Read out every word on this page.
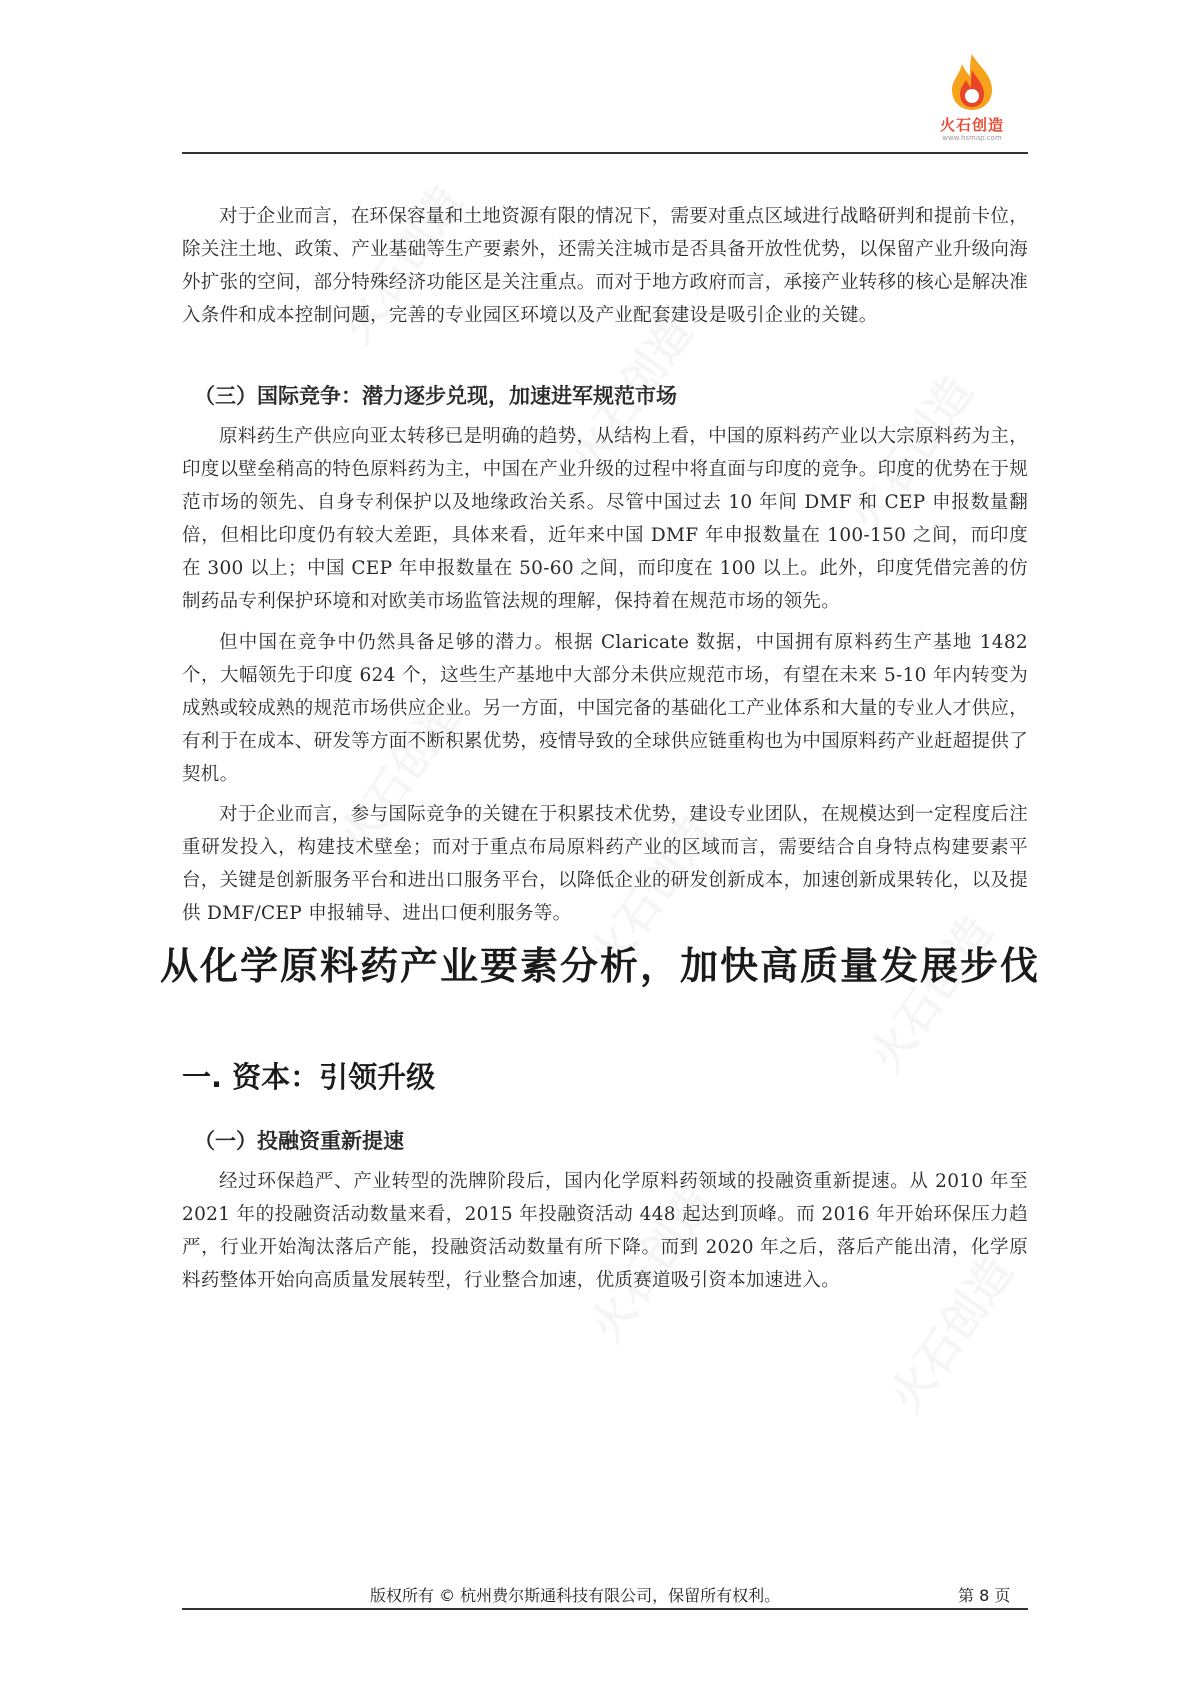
火石创造
火石创造	火石创造
火石创造
火石创造
火石创造
火石创造	火石创造
火石创造
www.hsmap.com

对于企业而言，在环保容量和土地资源有限的情况下，需要对重点区域进行战略研判和提前卡位，除关注土地、政策、产业基础等生产要素外，还需关注城市是否具备开放性优势，以保留产业升级向海外扩张的空间，部分特殊经济功能区是关注重点。而对于地方政府而言，承接产业转移的核心是解决准入条件和成本控制问题，完善的专业园区环境以及产业配套建设是吸引企业的关键。

（三）国际竞争：潜力逐步兑现，加速进军规范市场

原料药生产供应向亚太转移已是明确的趋势，从结构上看，中国的原料药产业以大宗原料药为主，印度以壁垒稍高的特色原料药为主，中国在产业升级的过程中将直面与印度的竞争。印度的优势在于规范市场的领先、自身专利保护以及地缘政治关系。尽管中国过去 10 年间 DMF 和 CEP 申报数量翻倍，但相比印度仍有较大差距，具体来看，近年来中国 DMF 年申报数量在 100-150 之间，而印度在 300 以上；中国 CEP 年申报数量在 50-60 之间，而印度在 100 以上。此外，印度凭借完善的仿制药品专利保护环境和对欧美市场监管法规的理解，保持着在规范市场的领先。

但中国在竞争中仍然具备足够的潜力。根据 Claricate 数据，中国拥有原料药生产基地 1482 个，大幅领先于印度 624 个，这些生产基地中大部分未供应规范市场，有望在未来 5-10 年内转变为成熟或较成熟的规范市场供应企业。另一方面，中国完备的基础化工产业体系和大量的专业人才供应，有利于在成本、研发等方面不断积累优势，疫情导致的全球供应链重构也为中国原料药产业赶超提供了契机。

对于企业而言，参与国际竞争的关键在于积累技术优势，建设专业团队，在规模达到一定程度后注重研发投入，构建技术壁垒；而对于重点布局原料药产业的区域而言，需要结合自身特点构建要素平台，关键是创新服务平台和进出口服务平台，以降低企业的研发创新成本，加速创新成果转化，以及提供 DMF/CEP 申报辅导、进出口便利服务等。

从化学原料药产业要素分析，加快高质量发展步伐
一. 资本：引领升级
（一）投融资重新提速

经过环保趋严、产业转型的洗牌阶段后，国内化学原料药领域的投融资重新提速。从 2010 年至 2021 年的投融资活动数量来看，2015 年投融资活动 448 起达到顶峰。而 2016 年开始环保压力趋严，行业开始淘汰落后产能，投融资活动数量有所下降。而到 2020 年之后，落后产能出清，化学原料药整体开始向高质量发展转型，行业整合加速，优质赛道吸引资本加速进入。

版权所有 © 杭州费尔斯通科技有限公司，保留所有权利。	第 8 页
